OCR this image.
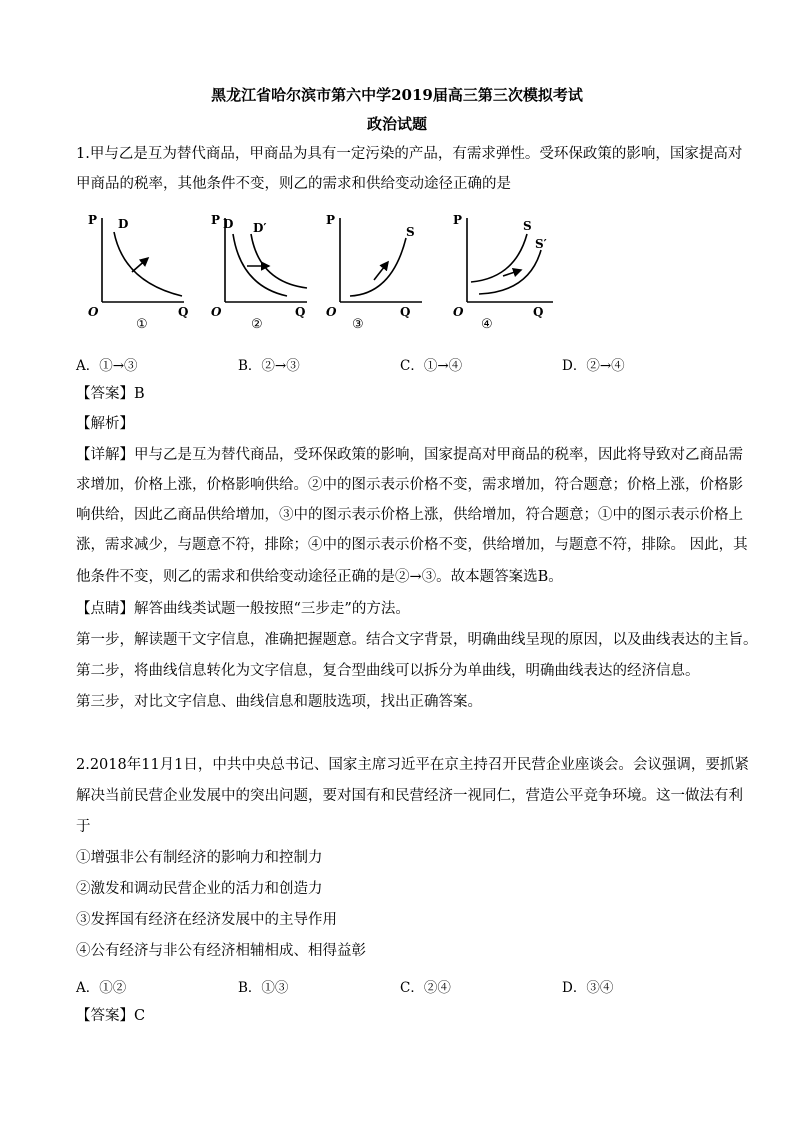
黑龙江省哈尔滨市第六中学2019届高三第三次模拟考试
政治试题
1.甲与乙是互为替代商品，甲商品为具有一定污染的产品，有需求弹性。受环保政策的影响，国家提高对
甲商品的税率，其他条件不变，则乙的需求和供给变动途径正确的是
P D
O	Q
①
P D D′
O	Q
②
P
S
O	Q
③
P	S
S′
O	Q
④
A．①→③	B．②→③	C．①→④	D．②→④
【答案】B
【解析】
【详解】甲与乙是互为替代商品，受环保政策的影响，国家提高对甲商品的税率，因此将导致对乙商品需
求增加，价格上涨，价格影响供给。②中的图示表示价格不变，需求增加，符合题意；价格上涨，价格影
响供给，因此乙商品供给增加，③中的图示表示价格上涨，供给增加，符合题意；①中的图示表示价格上
涨，需求减少，与题意不符，排除；④中的图示表示价格不变，供给增加，与题意不符，排除。 因此，其
他条件不变，则乙的需求和供给变动途径正确的是②→③。故本题答案选B。
【点睛】解答曲线类试题一般按照“三步走”的方法。
第一步，解读题干文字信息，准确把握题意。结合文字背景，明确曲线呈现的原因，以及曲线表达的主旨。
第二步，将曲线信息转化为文字信息，复合型曲线可以拆分为单曲线，明确曲线表达的经济信息。
第三步，对比文字信息、曲线信息和题肢选项，找出正确答案。
2.2018年11月1日，中共中央总书记、国家主席习近平在京主持召开民营企业座谈会。会议强调，要抓紧
解决当前民营企业发展中的突出问题，要对国有和民营经济一视同仁，营造公平竞争环境。这一做法有利
于
①增强非公有制经济的影响力和控制力
②激发和调动民营企业的活力和创造力
③发挥国有经济在经济发展中的主导作用
④公有经济与非公有经济相辅相成、相得益彰
A．①②	B．①③	C．②④	D．③④
【答案】C
